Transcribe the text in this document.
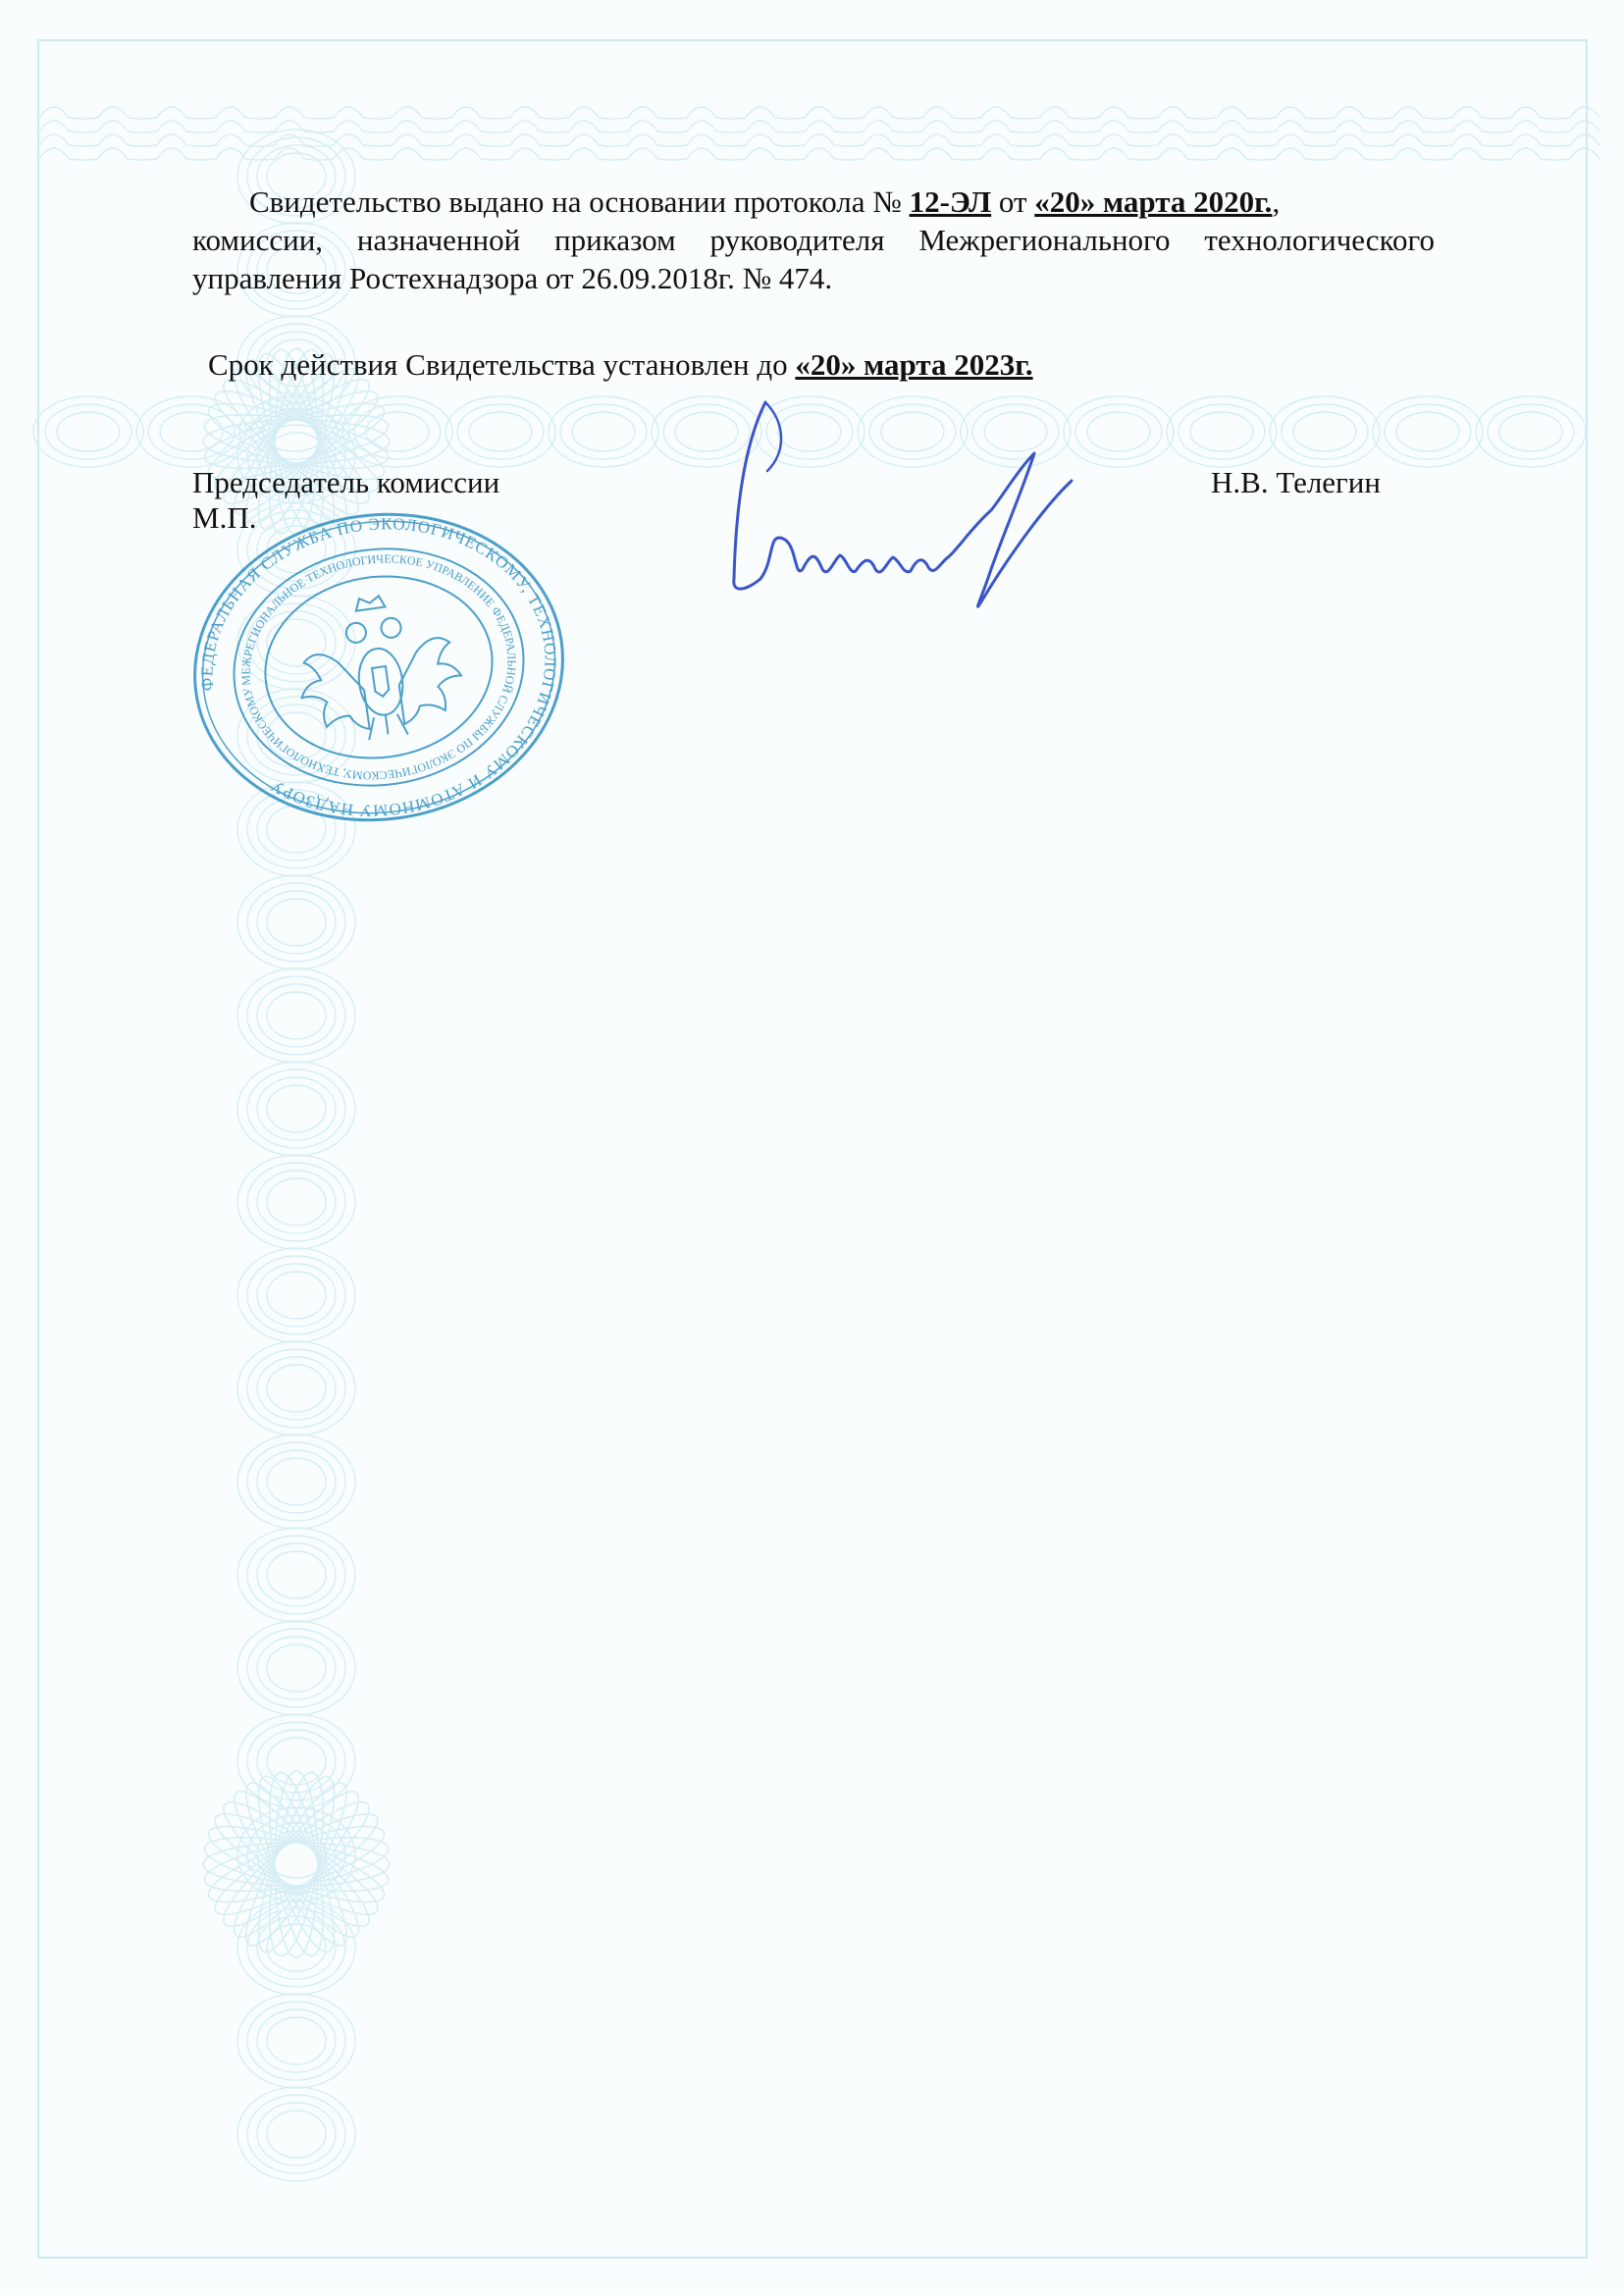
Свидетельство выдано на основании протокола № 12-ЭЛ от «20» марта 2020г.,
комиссии, назначенной приказом руководителя Межрегионального технологического
управления Ростехнадзора от 26.09.2018г. № 474.
Срок действия Свидетельства установлен до «20» марта 2023г.
Председатель комиссии
М.П.
Н.В. Телегин
ФЕДЕРАЛЬНАЯ СЛУЖБА ПО ЭКОЛОГИЧЕСКОМУ, ТЕХНОЛОГИЧЕСКОМУ И АТОМНОМУ НАДЗОРУ
МЕЖРЕГИОНАЛЬНОЕ ТЕХНОЛОГИЧЕСКОЕ УПРАВЛЕНИЕ ФЕДЕРАЛЬНОЙ СЛУЖБЫ ПО ЭКОЛОГИЧЕСКОМУ, ТЕХНОЛОГИЧЕСКОМУ
